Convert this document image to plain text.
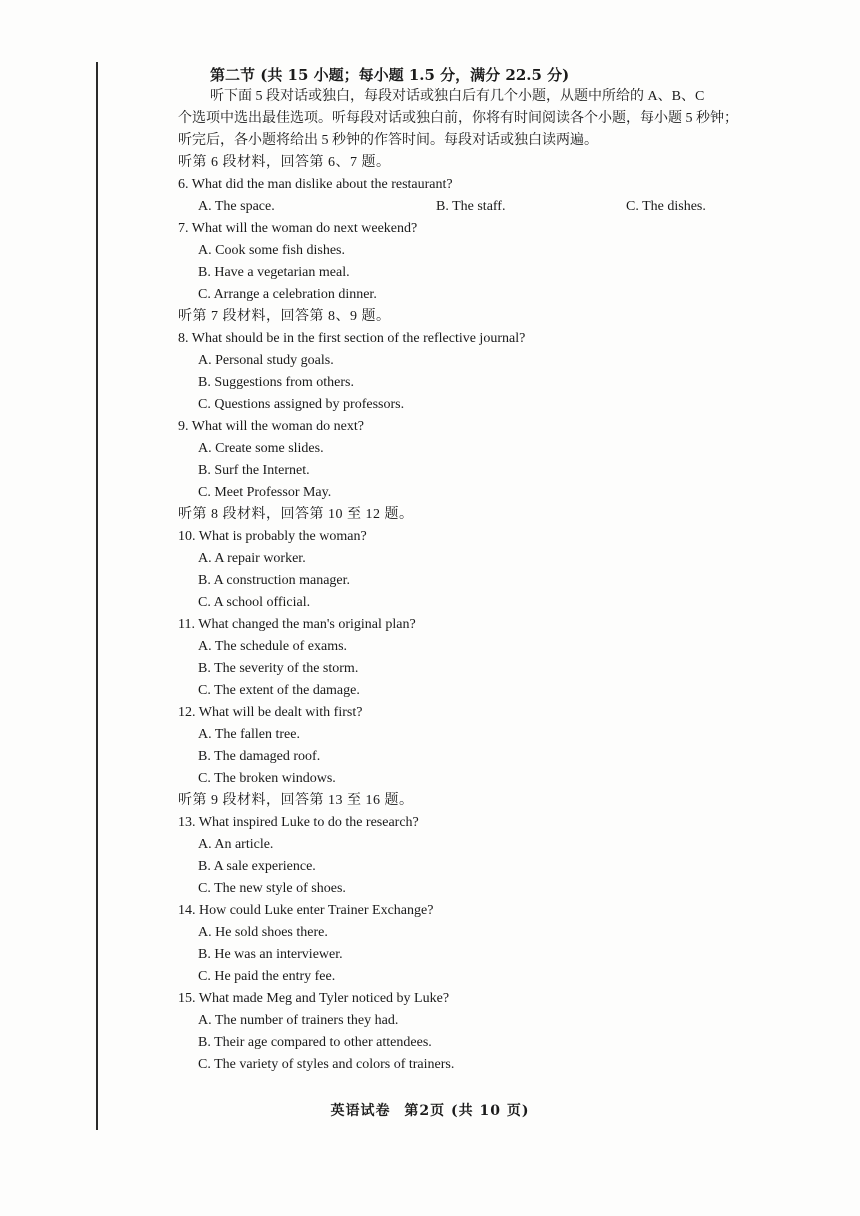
第二节 (共 15 小题；每小题 1.5 分，满分 22.5 分)
听下面 5 段对话或独白，每段对话或独白后有几个小题，从题中所给的 A、B、C
个选项中选出最佳选项。听每段对话或独白前，你将有时间阅读各个小题，每小题 5 秒钟；
听完后，各小题将给出 5 秒钟的作答时间。每段对话或独白读两遍。
听第 6 段材料，回答第 6、7 题。
6. What did the man dislike about the restaurant?
A. The space.	B. The staff.	C. The dishes.
7. What will the woman do next weekend?
A. Cook some fish dishes.
B. Have a vegetarian meal.
C. Arrange a celebration dinner.
听第 7 段材料，回答第 8、9 题。
8. What should be in the first section of the reflective journal?
A. Personal study goals.
B. Suggestions from others.
C. Questions assigned by professors.
9. What will the woman do next?
A. Create some slides.
B. Surf the Internet.
C. Meet Professor May.
听第 8 段材料，回答第 10 至 12 题。
10. What is probably the woman?
A. A repair worker.
B. A construction manager.
C. A school official.
11. What changed the man's original plan?
A. The schedule of exams.
B. The severity of the storm.
C. The extent of the damage.
12. What will be dealt with first?
A. The fallen tree.
B. The damaged roof.
C. The broken windows.
听第 9 段材料，回答第 13 至 16 题。
13. What inspired Luke to do the research?
A. An article.
B. A sale experience.
C. The new style of shoes.
14. How could Luke enter Trainer Exchange?
A. He sold shoes there.
B. He was an interviewer.
C. He paid the entry fee.
15. What made Meg and Tyler noticed by Luke?
A. The number of trainers they had.
B. Their age compared to other attendees.
C. The variety of styles and colors of trainers.
英语试卷 第2页 (共 10 页)
